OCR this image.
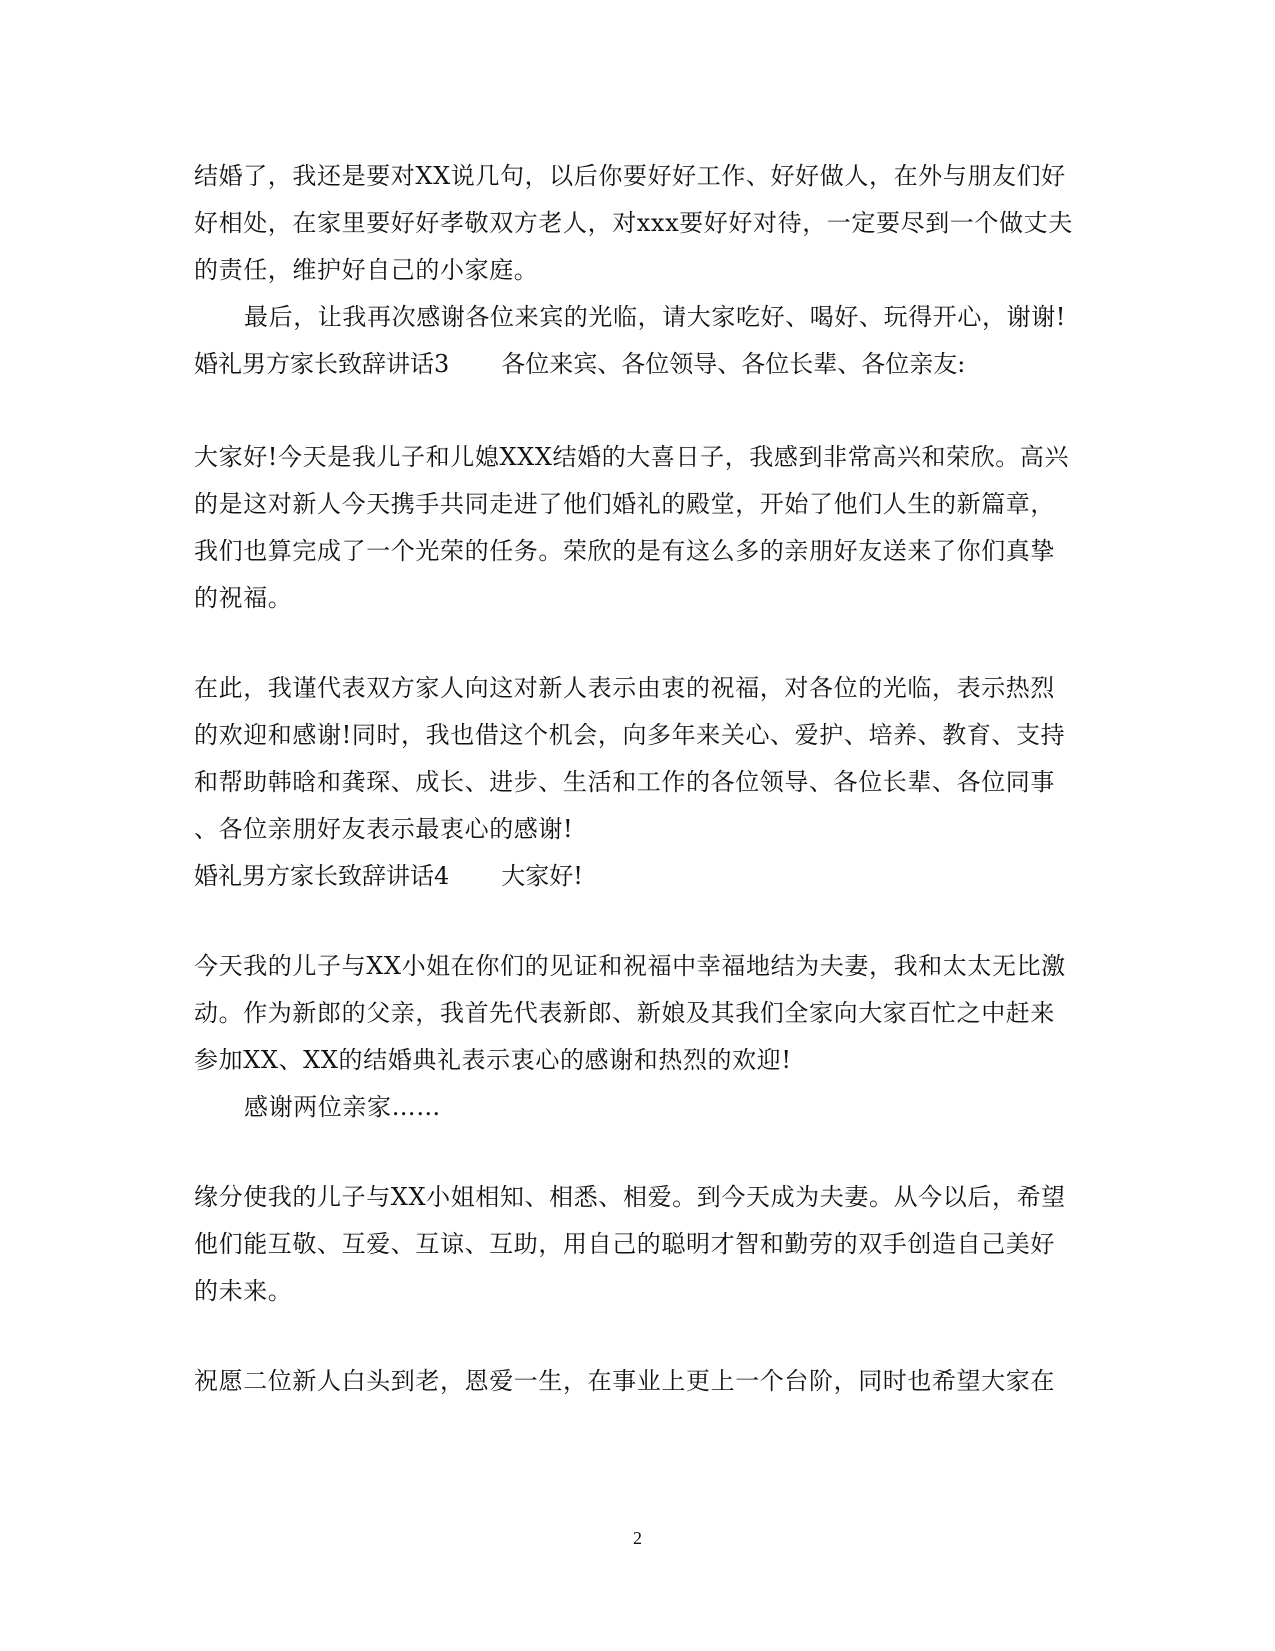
结婚了，我还是要对XX说几句，以后你要好好工作、好好做人，在外与朋友们好
好相处，在家里要好好孝敬双方老人，对xxx要好好对待，一定要尽到一个做丈夫
的责任，维护好自己的小家庭。
最后，让我再次感谢各位来宾的光临，请大家吃好、喝好、玩得开心，谢谢!
婚礼男方家长致辞讲话3 各位来宾、各位领导、各位长辈、各位亲友:
大家好!今天是我儿子和儿媳XXX结婚的大喜日子，我感到非常高兴和荣欣。高兴
的是这对新人今天携手共同走进了他们婚礼的殿堂，开始了他们人生的新篇章，
我们也算完成了一个光荣的任务。荣欣的是有这么多的亲朋好友送来了你们真挚
的祝福。
在此，我谨代表双方家人向这对新人表示由衷的祝福，对各位的光临，表示热烈
的欢迎和感谢!同时，我也借这个机会，向多年来关心、爱护、培养、教育、支持
和帮助韩晗和龚琛、成长、进步、生活和工作的各位领导、各位长辈、各位同事
、各位亲朋好友表示最衷心的感谢!
婚礼男方家长致辞讲话4 大家好!
今天我的儿子与XX小姐在你们的见证和祝福中幸福地结为夫妻，我和太太无比激
动。作为新郎的父亲，我首先代表新郎、新娘及其我们全家向大家百忙之中赶来
参加XX、XX的结婚典礼表示衷心的感谢和热烈的欢迎!
感谢两位亲家……
缘分使我的儿子与XX小姐相知、相悉、相爱。到今天成为夫妻。从今以后，希望
他们能互敬、互爱、互谅、互助，用自己的聪明才智和勤劳的双手创造自己美好
的未来。
祝愿二位新人白头到老，恩爱一生，在事业上更上一个台阶，同时也希望大家在
2
